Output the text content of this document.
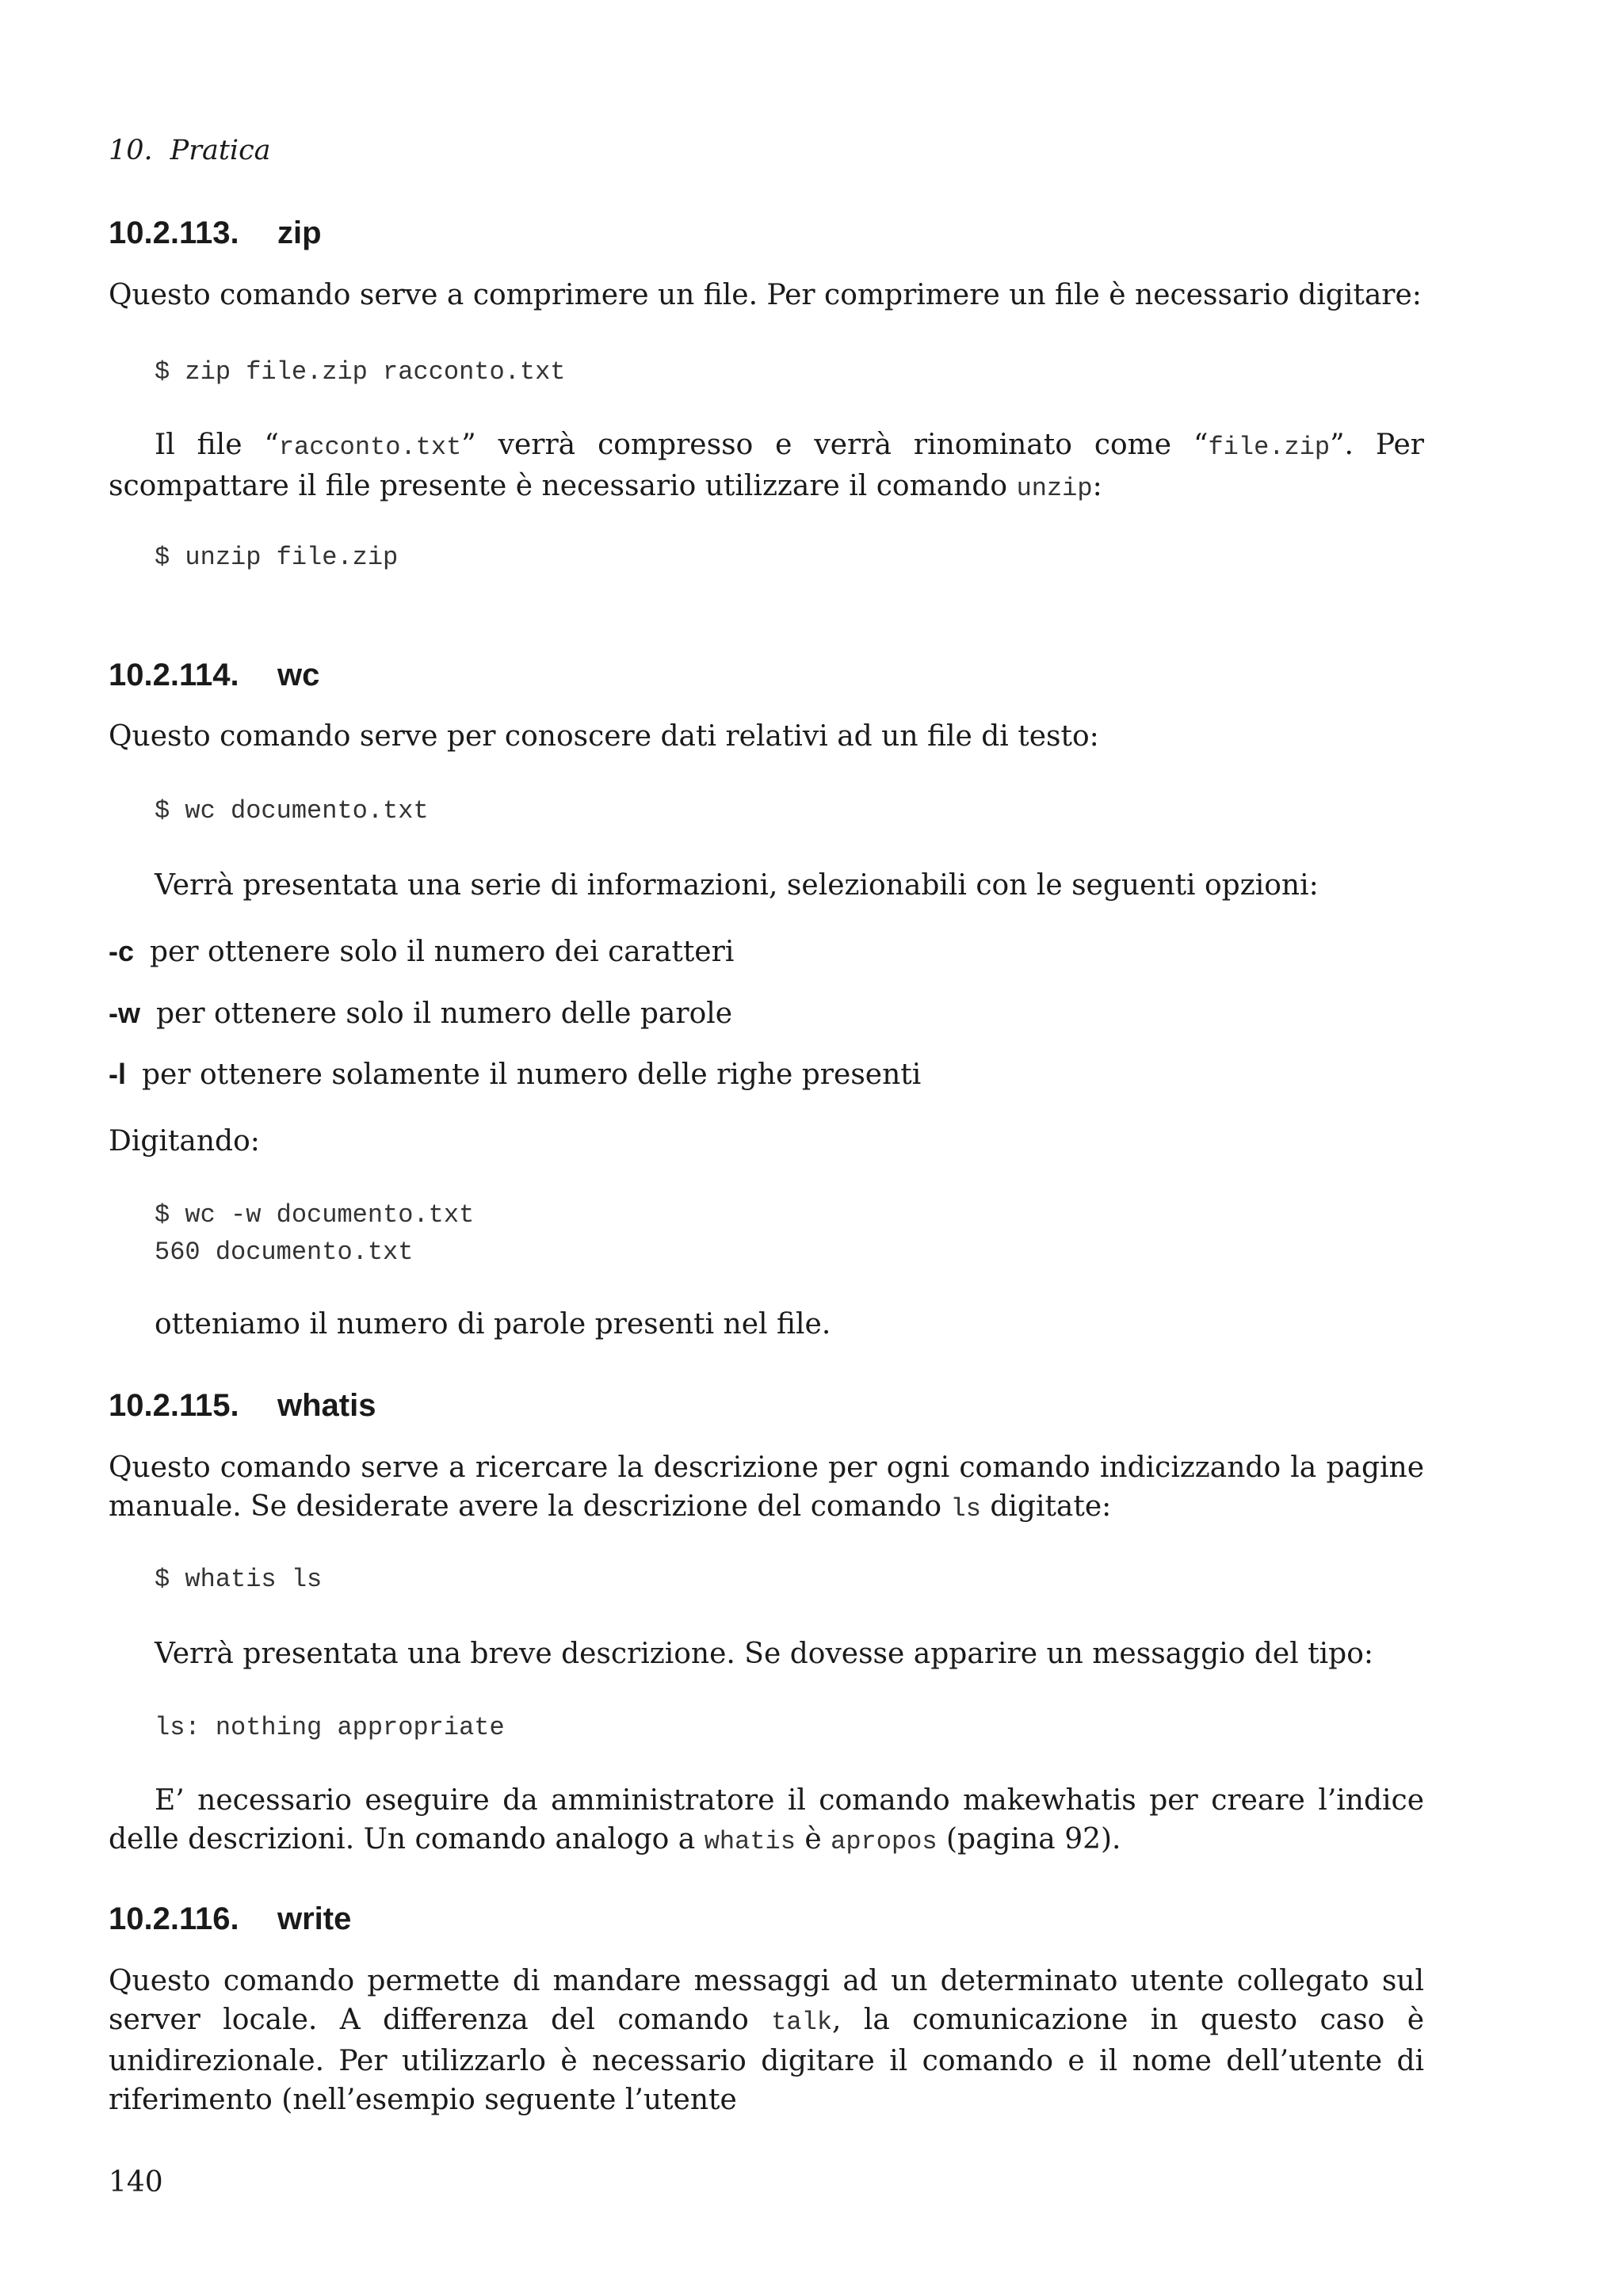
10. Pratica
10.2.113. zip
Questo comando serve a comprimere un file. Per comprimere un file è necessario digitare:
$ zip file.zip racconto.txt
Il file “racconto.txt” verrà compresso e verrà rinominato come “file.zip”. Per scompattare il file presente è necessario utilizzare il comando unzip:
$ unzip file.zip
10.2.114. wc
Questo comando serve per conoscere dati relativi ad un file di testo:
$ wc documento.txt
Verrà presentata una serie di informazioni, selezionabili con le seguenti opzioni:
-c per ottenere solo il numero dei caratteri
-w per ottenere solo il numero delle parole
-l per ottenere solamente il numero delle righe presenti
Digitando:
$ wc -w documento.txt
560 documento.txt
otteniamo il numero di parole presenti nel file.
10.2.115. whatis
Questo comando serve a ricercare la descrizione per ogni comando indicizzando la pagine manuale. Se desiderate avere la descrizione del comando ls digitate:
$ whatis ls
Verrà presentata una breve descrizione. Se dovesse apparire un messaggio del tipo:
ls: nothing appropriate
E’ necessario eseguire da amministratore il comando makewhatis per creare l’indice delle descrizioni. Un comando analogo a whatis è apropos (pagina 92).
10.2.116. write
Questo comando permette di mandare messaggi ad un determinato utente collegato sul server locale. A differenza del comando talk, la comunicazione in questo caso è unidirezionale. Per utilizzarlo è necessario digitare il comando e il nome dell’utente di riferimento (nell’esempio seguente l’utente
140
